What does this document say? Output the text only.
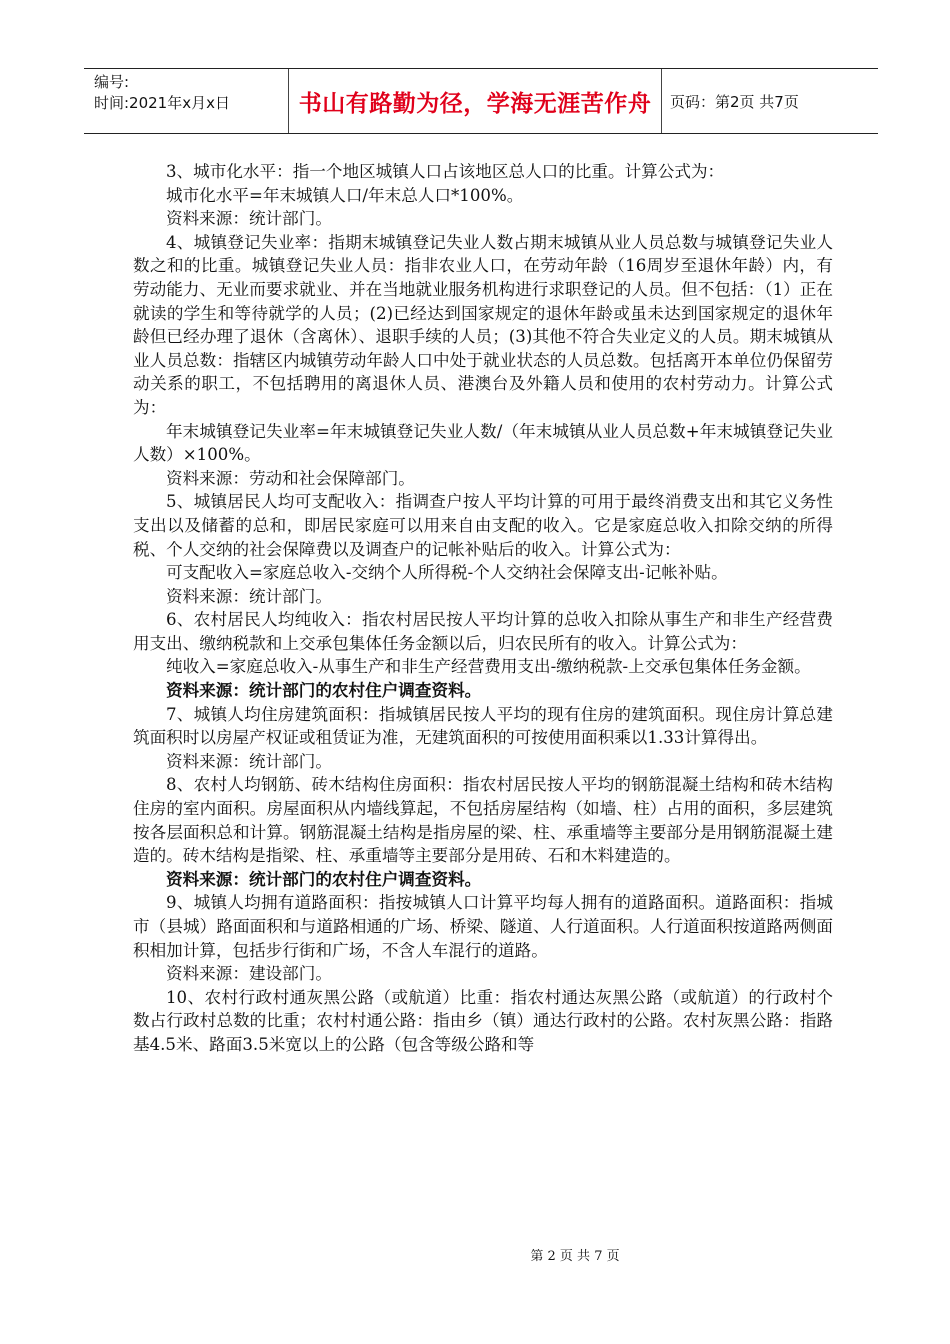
编号:
时间:2021年x月x日	书山有路勤为径，学海无涯苦作舟	页码：第2页 共7页

3、城市化水平：指一个地区城镇人口占该地区总人口的比重。计算公式为：

城市化水平=年末城镇人口/年末总人口*100%。

资料来源：统计部门。

4、城镇登记失业率：指期末城镇登记失业人数占期末城镇从业人员总数与城镇登记失业人数之和的比重。城镇登记失业人员：指非农业人口，在劳动年龄（16周岁至退休年龄）内，有劳动能力、无业而要求就业、并在当地就业服务机构进行求职登记的人员。但不包括：（1）正在就读的学生和等待就学的人员；(2)已经达到国家规定的退休年龄或虽未达到国家规定的退休年龄但已经办理了退休（含离休）、退职手续的人员；(3)其他不符合失业定义的人员。期末城镇从业人员总数：指辖区内城镇劳动年龄人口中处于就业状态的人员总数。包括离开本单位仍保留劳动关系的职工，不包括聘用的离退休人员、港澳台及外籍人员和使用的农村劳动力。计算公式为：

年末城镇登记失业率=年末城镇登记失业人数/（年末城镇从业人员总数+年末城镇登记失业人数）×100%。

资料来源：劳动和社会保障部门。

5、城镇居民人均可支配收入：指调查户按人平均计算的可用于最终消费支出和其它义务性支出以及储蓄的总和，即居民家庭可以用来自由支配的收入。它是家庭总收入扣除交纳的所得税、个人交纳的社会保障费以及调查户的记帐补贴后的收入。计算公式为：

可支配收入=家庭总收入-交纳个人所得税-个人交纳社会保障支出-记帐补贴。

资料来源：统计部门。

6、农村居民人均纯收入：指农村居民按人平均计算的总收入扣除从事生产和非生产经营费用支出、缴纳税款和上交承包集体任务金额以后，归农民所有的收入。计算公式为：

纯收入=家庭总收入-从事生产和非生产经营费用支出-缴纳税款-上交承包集体任务金额。

资料来源：统计部门的农村住户调查资料。

7、城镇人均住房建筑面积：指城镇居民按人平均的现有住房的建筑面积。现住房计算总建筑面积时以房屋产权证或租赁证为准，无建筑面积的可按使用面积乘以1.33计算得出。

资料来源：统计部门。

8、农村人均钢筋、砖木结构住房面积：指农村居民按人平均的钢筋混凝土结构和砖木结构住房的室内面积。房屋面积从内墙线算起，不包括房屋结构（如墙、柱）占用的面积，多层建筑按各层面积总和计算。钢筋混凝土结构是指房屋的梁、柱、承重墙等主要部分是用钢筋混凝土建造的。砖木结构是指梁、柱、承重墙等主要部分是用砖、石和木料建造的。

资料来源：统计部门的农村住户调查资料。

9、城镇人均拥有道路面积：指按城镇人口计算平均每人拥有的道路面积。道路面积：指城市（县城）路面面积和与道路相通的广场、桥梁、隧道、人行道面积。人行道面积按道路两侧面积相加计算，包括步行街和广场，不含人车混行的道路。

资料来源：建设部门。

10、农村行政村通灰黑公路（或航道）比重：指农村通达灰黑公路（或航道）的行政村个数占行政村总数的比重；农村村通公路：指由乡（镇）通达行政村的公路。农村灰黑公路：指路基4.5米、路面3.5米宽以上的公路（包含等级公路和等

第 2 页 共 7 页
